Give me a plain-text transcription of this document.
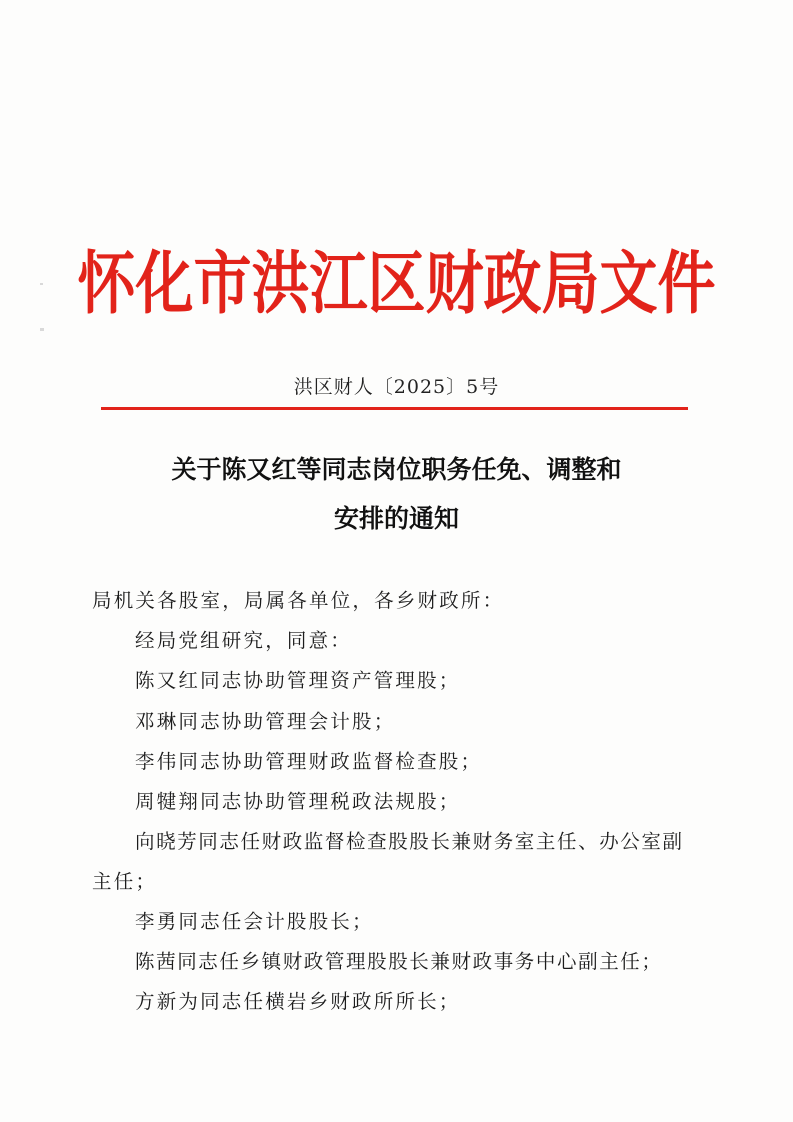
怀化市洪江区财政局文件
洪区财人〔2025〕5号
关于陈又红等同志岗位职务任免、调整和
安排的通知
局机关各股室，局属各单位，各乡财政所：
经局党组研究，同意：
陈又红同志协助管理资产管理股；
邓琳同志协助管理会计股；
李伟同志协助管理财政监督检查股；
周犍翔同志协助管理税政法规股；
向晓芳同志任财政监督检查股股长兼财务室主任、办公室副
主任；
李勇同志任会计股股长；
陈茜同志任乡镇财政管理股股长兼财政事务中心副主任；
方新为同志任横岩乡财政所所长；
